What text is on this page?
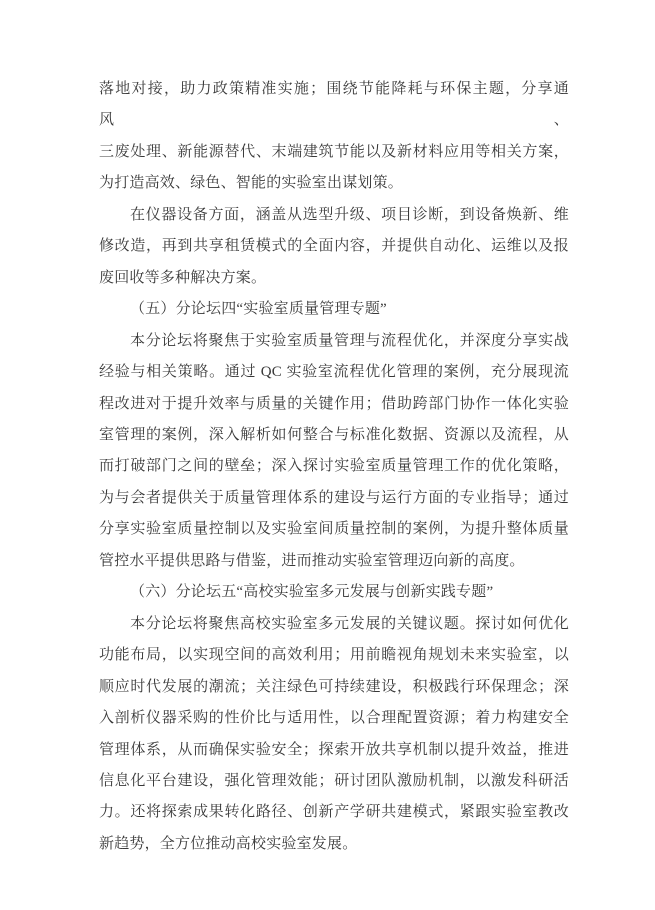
落地对接，助力政策精准实施；围绕节能降耗与环保主题，分享通风、
三废处理、新能源替代、末端建筑节能以及新材料应用等相关方案，
为打造高效、绿色、智能的实验室出谋划策。
在仪器设备方面，涵盖从选型升级、项目诊断，到设备焕新、维
修改造，再到共享租赁模式的全面内容，并提供自动化、运维以及报
废回收等多种解决方案。
（五）分论坛四“实验室质量管理专题”
本分论坛将聚焦于实验室质量管理与流程优化，并深度分享实战
经验与相关策略。通过 QC 实验室流程优化管理的案例，充分展现流
程改进对于提升效率与质量的关键作用；借助跨部门协作一体化实验
室管理的案例，深入解析如何整合与标准化数据、资源以及流程，从
而打破部门之间的壁垒；深入探讨实验室质量管理工作的优化策略，
为与会者提供关于质量管理体系的建设与运行方面的专业指导；通过
分享实验室质量控制以及实验室间质量控制的案例，为提升整体质量
管控水平提供思路与借鉴，进而推动实验室管理迈向新的高度。
（六）分论坛五“高校实验室多元发展与创新实践专题”
本分论坛将聚焦高校实验室多元发展的关键议题。探讨如何优化
功能布局，以实现空间的高效利用；用前瞻视角规划未来实验室，以
顺应时代发展的潮流；关注绿色可持续建设，积极践行环保理念；深
入剖析仪器采购的性价比与适用性，以合理配置资源；着力构建安全
管理体系，从而确保实验安全；探索开放共享机制以提升效益，推进
信息化平台建设，强化管理效能；研讨团队激励机制，以激发科研活
力。还将探索成果转化路径、创新产学研共建模式，紧跟实验室教改
新趋势，全方位推动高校实验室发展。
